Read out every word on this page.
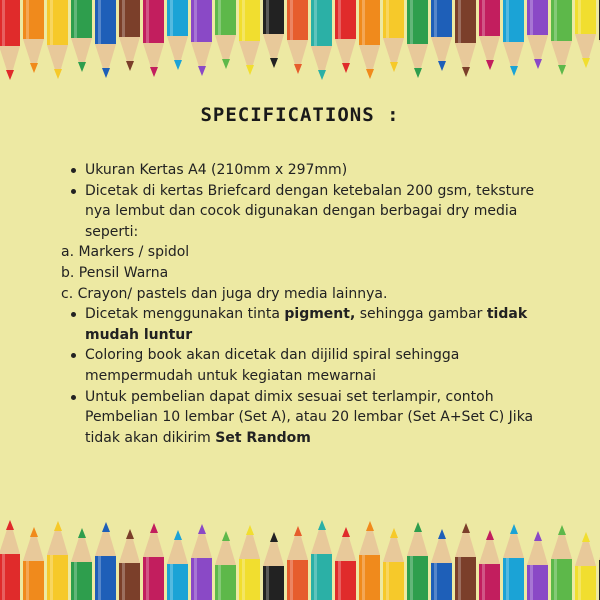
SPECIFICATIONS :
Ukuran Kertas A4 (210mm x 297mm)
Dicetak di kertas Briefcard dengan ketebalan 200 gsm, teksture nya lembut dan cocok digunakan dengan berbagai dry media seperti:
a. Markers / spidol
b. Pensil Warna
c. Crayon/ pastels dan juga dry media lainnya.
Dicetak menggunakan tinta pigment, sehingga gambar tidak mudah luntur
Coloring book akan dicetak dan dijilid spiral sehingga mempermudah untuk kegiatan mewarnai
Untuk pembelian dapat dimix sesuai set terlampir, contoh Pembelian 10 lembar (Set A), atau 20 lembar (Set A+Set C) Jika tidak akan dikirim Set Random
